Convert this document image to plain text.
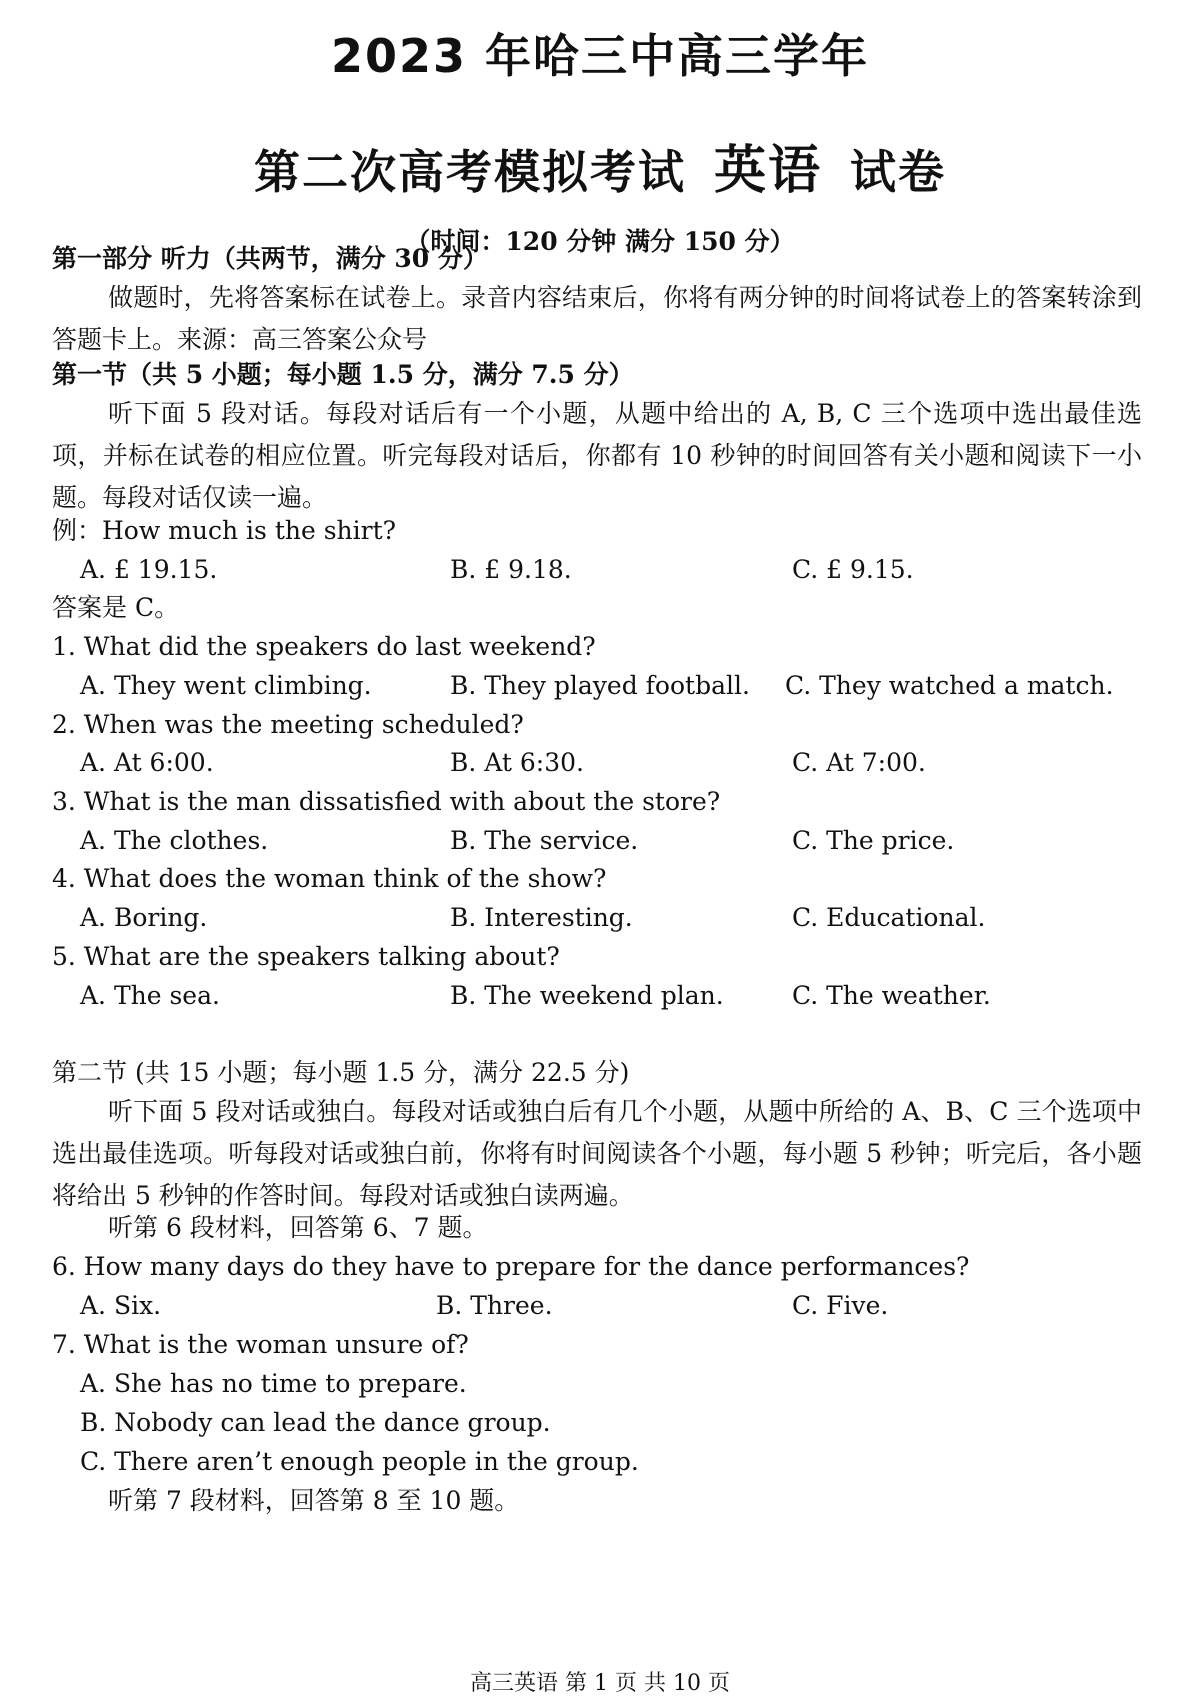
2023 年哈三中高三学年
第二次高考模拟考试 英语 试卷
（时间：120 分钟 满分 150 分）
第一部分 听力（共两节，满分 30 分）
做题时，先将答案标在试卷上。录音内容结束后，你将有两分钟的时间将试卷上的答案转涂到答题卡上。来源：高三答案公众号
第一节（共 5 小题；每小题 1.5 分，满分 7.5 分）
听下面 5 段对话。每段对话后有一个小题，从题中给出的 A, B, C 三个选项中选出最佳选项，并标在试卷的相应位置。听完每段对话后，你都有 10 秒钟的时间回答有关小题和阅读下一小题。每段对话仅读一遍。
例：How much is the shirt?
A. £ 19.15.	B. £ 9.18.	C. £ 9.15.
答案是 C。
1. What did the speakers do last weekend?
A. They went climbing.	B. They played football. C. They watched a match.
2. When was the meeting scheduled?
A. At 6:00.	B. At 6:30.	C. At 7:00.
3. What is the man dissatisfied with about the store?
A. The clothes.	B. The service.	C. The price.
4. What does the woman think of the show?
A. Boring.	B. Interesting.	C. Educational.
5. What are the speakers talking about?
A. The sea.	B. The weekend plan.	C. The weather.
第二节 (共 15 小题；每小题 1.5 分，满分 22.5 分)
听下面 5 段对话或独白。每段对话或独白后有几个小题，从题中所给的 A、B、C 三个选项中选出最佳选项。听每段对话或独白前，你将有时间阅读各个小题，每小题 5 秒钟；听完后，各小题将给出 5 秒钟的作答时间。每段对话或独白读两遍。
听第 6 段材料，回答第 6、7 题。
6. How many days do they have to prepare for the dance performances?
A. Six.	B. Three.	C. Five.
7. What is the woman unsure of?
A. She has no time to prepare.
B. Nobody can lead the dance group.
C. There aren’t enough people in the group.
听第 7 段材料，回答第 8 至 10 题。
高三英语 第 1 页 共 10 页
